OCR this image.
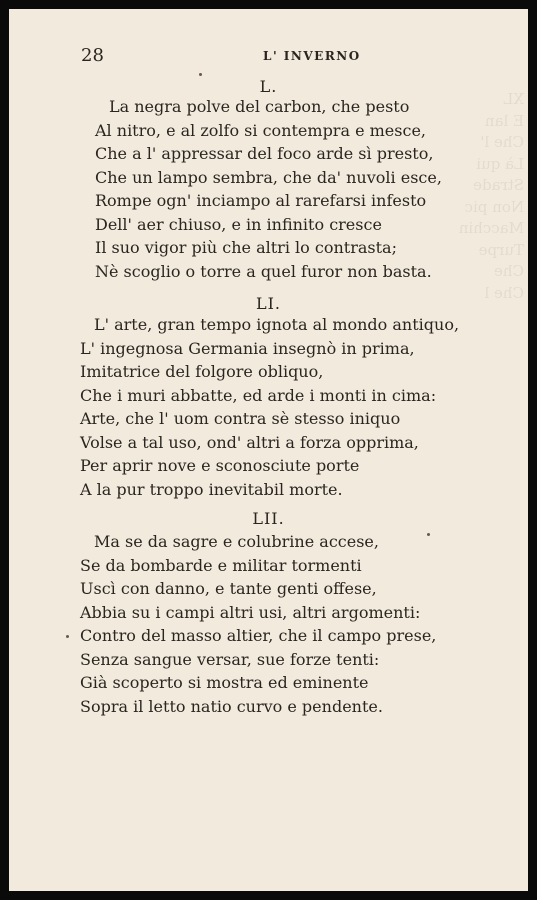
XL
E lan
Che l'
Là qui
Strade
Non pic
Macchin
Turpe
Che
Che l
28	L' INVERNO
L.
La negra polve del carbon, che pesto
Al nitro, e al zolfo si contempra e mesce,
Che a l' appressar del foco arde sì presto,
Che un lampo sembra, che da' nuvoli esce,
Rompe ogn' inciampo al rarefarsi infesto
Dell' aer chiuso, e in infinito cresce
Il suo vigor più che altri lo contrasta;
Nè scoglio o torre a quel furor non basta.
LI.
L' arte, gran tempo ignota al mondo antiquo,
L' ingegnosa Germania insegnò in prima,
Imitatrice del folgore obliquo,
Che i muri abbatte, ed arde i monti in cima:
Arte, che l' uom contra sè stesso iniquo
Volse a tal uso, ond' altri a forza opprima,
Per aprir nove e sconosciute porte
A la pur troppo inevitabil morte.
LII.
Ma se da sagre e colubrine accese,
Se da bombarde e militar tormenti
Uscì con danno, e tante genti offese,
Abbia su i campi altri usi, altri argomenti:
Contro del masso altier, che il campo prese,
Senza sangue versar, sue forze tenti:
Già scoperto si mostra ed eminente
Sopra il letto natio curvo e pendente.
